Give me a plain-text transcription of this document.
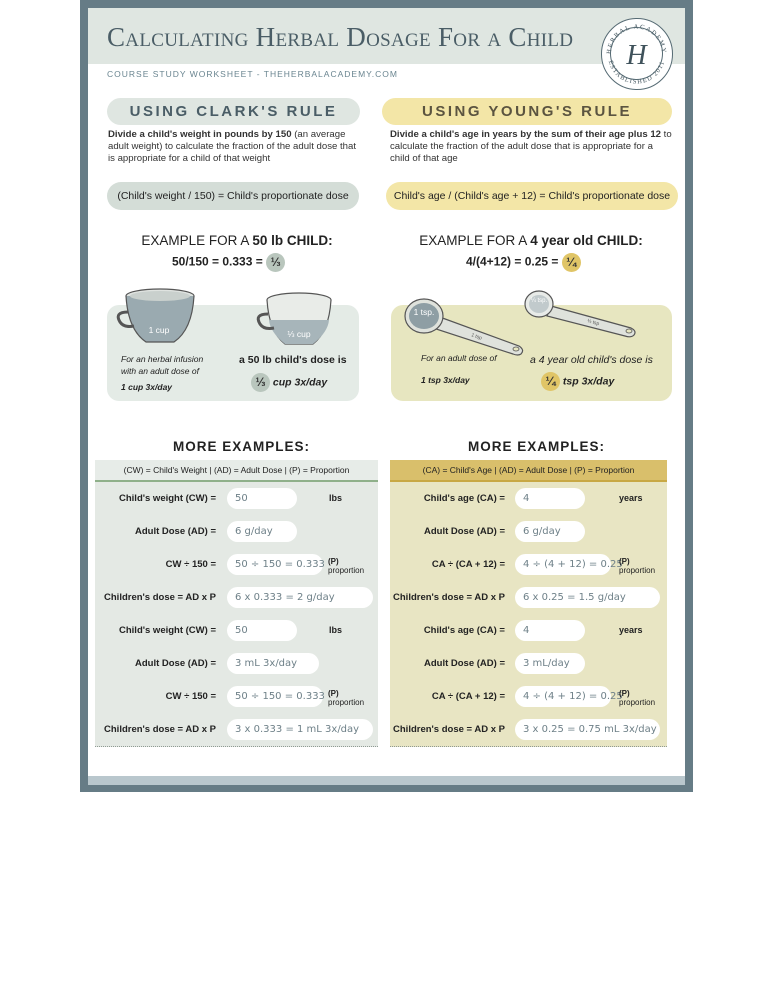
Calculating Herbal Dosage For a Child
COURSE STUDY WORKSHEET - THEHERBALACADEMY.COM
HERBAL ACADEMY
ESTABLISHED 2011
H
USING CLARK'S RULE
Divide a child's weight in pounds by 150 (an average adult weight) to calculate the fraction of the adult dose that is appropriate for a child of that weight
(Child's weight / 150) = Child's proportionate dose
EXAMPLE FOR A 50 lb CHILD:
50/150 = 0.333 = ⅓
1 cup	⅓ cup
For an herbal infusion
with an adult dose of
1 cup 3x/day
a 50 lb child's dose is
⅓ cup 3x/day
USING YOUNG'S RULE
Divide a child's age in years by the sum of their age plus 12 to calculate the fraction of the adult dose that is appropriate for a child of that age
Child's age / (Child's age + 12) = Child's proportionate dose
EXAMPLE FOR A 4 year old CHILD:
4/(4+12) = 0.25 = ¼
1 tsp
1 tsp.
¼ tsp
¼ tsp.
For an adult dose of
1 tsp 3x/day
a 4 year old child's dose is
¼ tsp 3x/day
MORE EXAMPLES:	MORE EXAMPLES:
(CW) = Child's Weight | (AD) = Adult Dose | (P) = Proportion
Child's weight (CW) =	50	lbs
Adult Dose (AD) =	6 g/day
CW ÷ 150 =	50 ÷ 150 = 0.333 (P)
proportion
Children's dose = AD x P	6 x 0.333 = 2 g/day
Child's weight (CW) =	50	lbs
Adult Dose (AD) =	3 mL 3x/day
CW ÷ 150 =	50 ÷ 150 = 0.333 (P)
proportion
Children's dose = AD x P	3 x 0.333 = 1 mL 3x/day
(CA) = Child's Age | (AD) = Adult Dose | (P) = Proportion
Child's age (CA) =	4	years
Adult Dose (AD) =	6 g/day
CA ÷ (CA + 12) =	4 ÷ (4 + 12) = 0.25
(P)
proportion
Children's dose = AD x P	6 x 0.25 = 1.5 g/day
Child's age (CA) =	4	years
Adult Dose (AD) =	3 mL/day
CA ÷ (CA + 12) =	4 ÷ (4 + 12) = 0.25
(P)
proportion
Children's dose = AD x P	3 x 0.25 = 0.75 mL 3x/day
